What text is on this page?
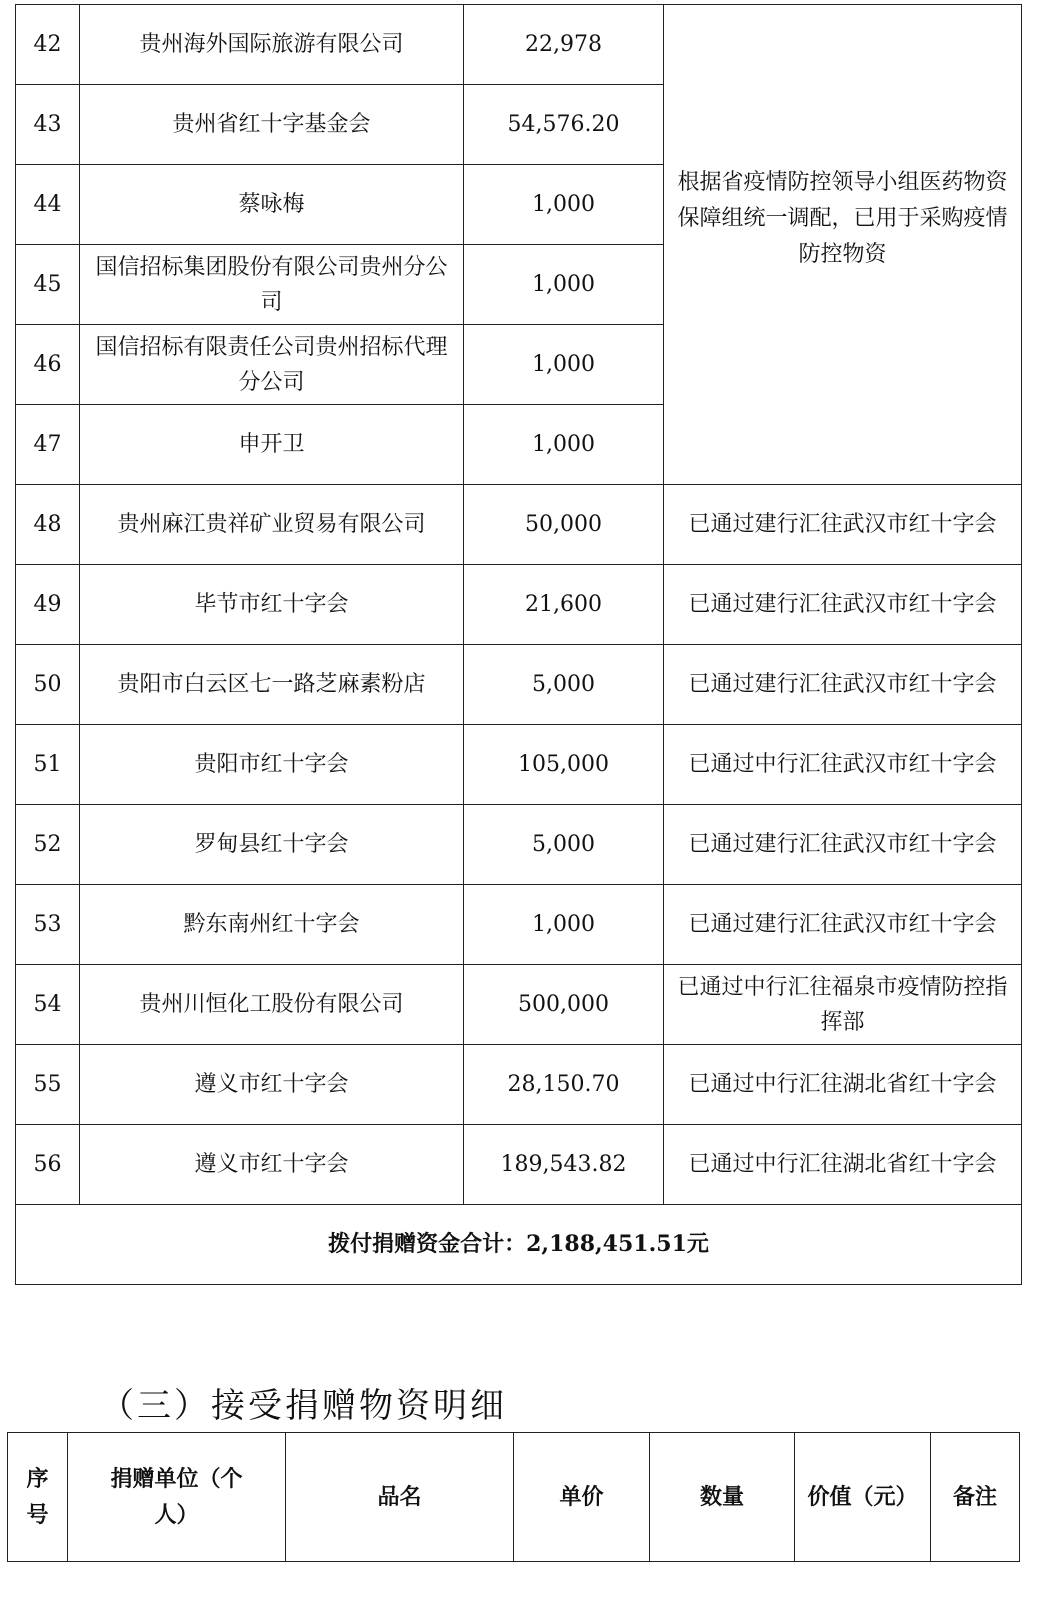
42	贵州海外国际旅游有限公司	22,978	根据省疫情防控领导小组医药物资保障组统一调配，已用于采购疫情防控物资
43	贵州省红十字基金会	54,576.20	
44	蔡咏梅	1,000	
45	国信招标集团股份有限公司贵州分公司	1,000	
46	国信招标有限责任公司贵州招标代理分公司	1,000	
47	申开卫	1,000	
48	贵州麻江贵祥矿业贸易有限公司	50,000	已通过建行汇往武汉市红十字会
49	毕节市红十字会	21,600	已通过建行汇往武汉市红十字会
50	贵阳市白云区七一路芝麻素粉店	5,000	已通过建行汇往武汉市红十字会
51	贵阳市红十字会	105,000	已通过中行汇往武汉市红十字会
52	罗甸县红十字会	5,000	已通过建行汇往武汉市红十字会
53	黔东南州红十字会	1,000	已通过建行汇往武汉市红十字会
54	贵州川恒化工股份有限公司	500,000	已通过中行汇往福泉市疫情防控指挥部
55	遵义市红十字会	28,150.70	已通过中行汇往湖北省红十字会
56	遵义市红十字会	189,543.82	已通过中行汇往湖北省红十字会
拨付捐赠资金合计：2,188,451.51元			
（三）接受捐赠物资明细
序号	捐赠单位（个人）	品名	单价	数量	价值（元）	备注
